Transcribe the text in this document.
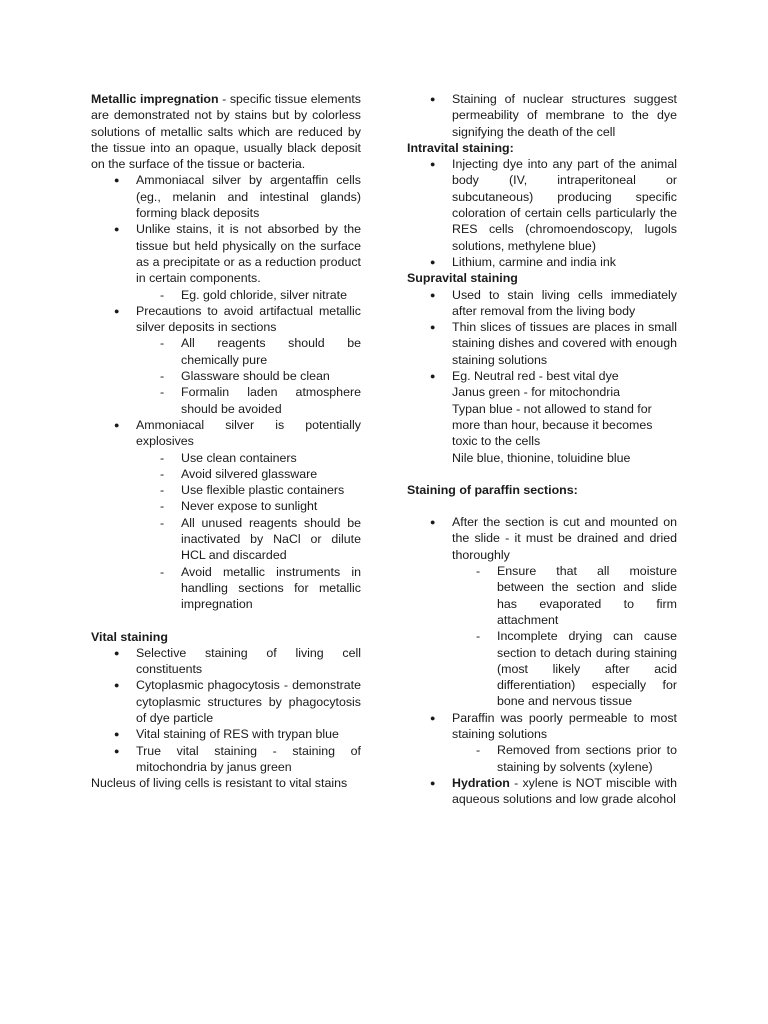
Metallic impregnation - specific tissue elements are demonstrated not by stains but by colorless solutions of metallic salts which are reduced by the tissue into an opaque, usually black deposit on the surface of the tissue or bacteria.

● Ammoniacal silver by argentaffin cells (eg., melanin and intestinal glands) forming black deposits
● Unlike stains, it is not absorbed by the tissue but held physically on the surface as a precipitate or as a reduction product in certain components.
- Eg. gold chloride, silver nitrate
● Precautions to avoid artifactual metallic silver deposits in sections
- All reagents should be chemically pure
- Glassware should be clean
- Formalin laden atmosphere should be avoided
● Ammoniacal silver is potentially explosives
- Use clean containers
- Avoid silvered glassware
- Use flexible plastic containers
- Never expose to sunlight
- All unused reagents should be inactivated by NaCl or dilute HCL and discarded
- Avoid metallic instruments in handling sections for metallic impregnation

Vital staining

● Selective staining of living cell constituents
● Cytoplasmic phagocytosis - demonstrate cytoplasmic structures by phagocytosis of dye particle
● Vital staining of RES with trypan blue
● True vital staining - staining of mitochondria by janus green

Nucleus of living cells is resistant to vital stains

● Staining of nuclear structures suggest permeability of membrane to the dye signifying the death of the cell

Intravital staining:

● Injecting dye into any part of the animal body (IV, intraperitoneal or subcutaneous) producing specific coloration of certain cells particularly the RES cells (chromoendoscopy, lugols solutions, methylene blue)
● Lithium, carmine and india ink

Supravital staining

● Used to stain living cells immediately after removal from the living body
● Thin slices of tissues are places in small staining dishes and covered with enough staining solutions
● Eg. Neutral red - best vital dye
Janus green - for mitochondria
Typan blue - not allowed to stand for more than hour, because it becomes toxic to the cells
Nile blue, thionine, toluidine blue

Staining of paraffin sections:

● After the section is cut and mounted on the slide - it must be drained and dried thoroughly
- Ensure that all moisture between the section and slide has evaporated to firm attachment
- Incomplete drying can cause section to detach during staining (most likely after acid differentiation) especially for bone and nervous tissue
● Paraffin was poorly permeable to most staining solutions
- Removed from sections prior to staining by solvents (xylene)
● Hydration - xylene is NOT miscible with aqueous solutions and low grade alcohol
